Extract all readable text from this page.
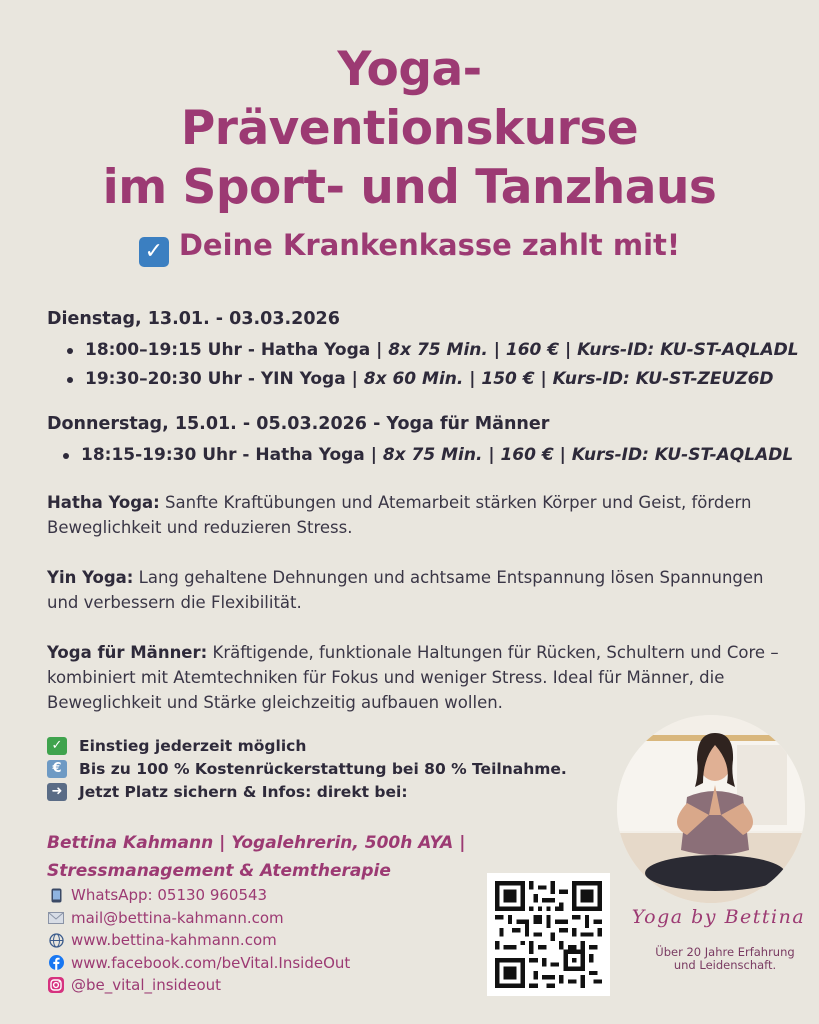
Yoga-
Präventionskurse
im Sport- und Tanzhaus
✓ Deine Krankenkasse zahlt mit!
Dienstag, 13.01. - 03.03.2026
18:00–19:15 Uhr - Hatha Yoga | 8x 75 Min. | 160 € | Kurs-ID: KU-ST-AQLADL
19:30–20:30 Uhr - YIN Yoga | 8x 60 Min. | 150 € | Kurs-ID: KU-ST-ZEUZ6D
Donnerstag, 15.01. - 05.03.2026 - Yoga für Männer
18:15-19:30 Uhr - Hatha Yoga | 8x 75 Min. | 160 € | Kurs-ID: KU-ST-AQLADL
Hatha Yoga: Sanfte Kraftübungen und Atemarbeit stärken Körper und Geist, fördern Beweglichkeit und reduzieren Stress.
Yin Yoga: Lang gehaltene Dehnungen und achtsame Entspannung lösen Spannungen und verbessern die Flexibilität.
Yoga für Männer: Kräftigende, funktionale Haltungen für Rücken, Schultern und Core – kombiniert mit Atemtechniken für Fokus und weniger Stress. Ideal für Männer, die Beweglichkeit und Stärke gleichzeitig aufbauen wollen.
✓ Einstieg jederzeit möglich
€	Bis zu 100 % Kostenrückerstattung bei 80 % Teilnahme.
➜ Jetzt Platz sichern & Infos: direkt bei:
Bettina Kahmann | Yogalehrerin, 500h AYA |
Stressmanagement & Atemtherapie
WhatsApp: 05130 960543
mail@bettina-kahmann.com
www.bettina-kahmann.com
www.facebook.com/beVital.InsideOut
@be_vital_insideout
Yoga by Bettina
Über 20 Jahre Erfahrung
und Leidenschaft.
